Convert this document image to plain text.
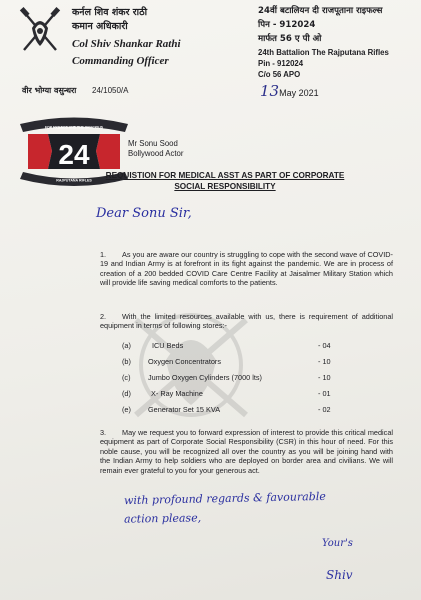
कर्नल शिव शंकर राठी
कमान अधिकारी
Col Shiv Shankar Rathi
Commanding Officer
वीर भोग्या वसुन्धरा 24/1050/A
24वीं बटालियन दी राजपूताना राइफल्स
पिन - 912024
मार्फत 56 ए पी ओ
24th Battalion The Rajputana Rifles
Pin - 912024
C/o 56 APO
13May 2021
FOR FRIENDS AND THE GRACIOUS
24
RAJPUTANA RIFLES
Mr Sonu Sood
Bollywood Actor
REQUISTION FOR MEDICAL ASST AS PART OF CORPORATE
SOCIAL RESPONSIBILITY
Dear Sonu Sir,
1.	As you are aware our country is struggling to cope with the second wave of COVID-19 and Indian Army is at forefront in its fight against the pandemic. We are in process of creation of a 200 bedded COVID Care Centre Facility at Jaisalmer Military Station which will provide life saving medical comforts to the patients.
2.	With the limited resources available with us, there is requirement of additional equipment in terms of following stores:-
(a)	ICU Beds	- 04
(b) Oxygen Concentrators	- 10
(c) Jumbo Oxygen Cylinders (7000 lts)	- 10
(d)	X- Ray Machine	- 01
(e) Generator Set 15 KVA	- 02
3.	May we request you to forward expression of interest to provide this critical medical equipment as part of Corporate Social Responsibility (CSR) in this hour of need. For this noble cause, you will be recognized all over the country as you will be joining hand with the Indian Army to help soldiers who are deployed on border area and civilians. We will remain ever grateful to you for your generous act.
with profound regards & favourable
action please,
Your's
Shiv
